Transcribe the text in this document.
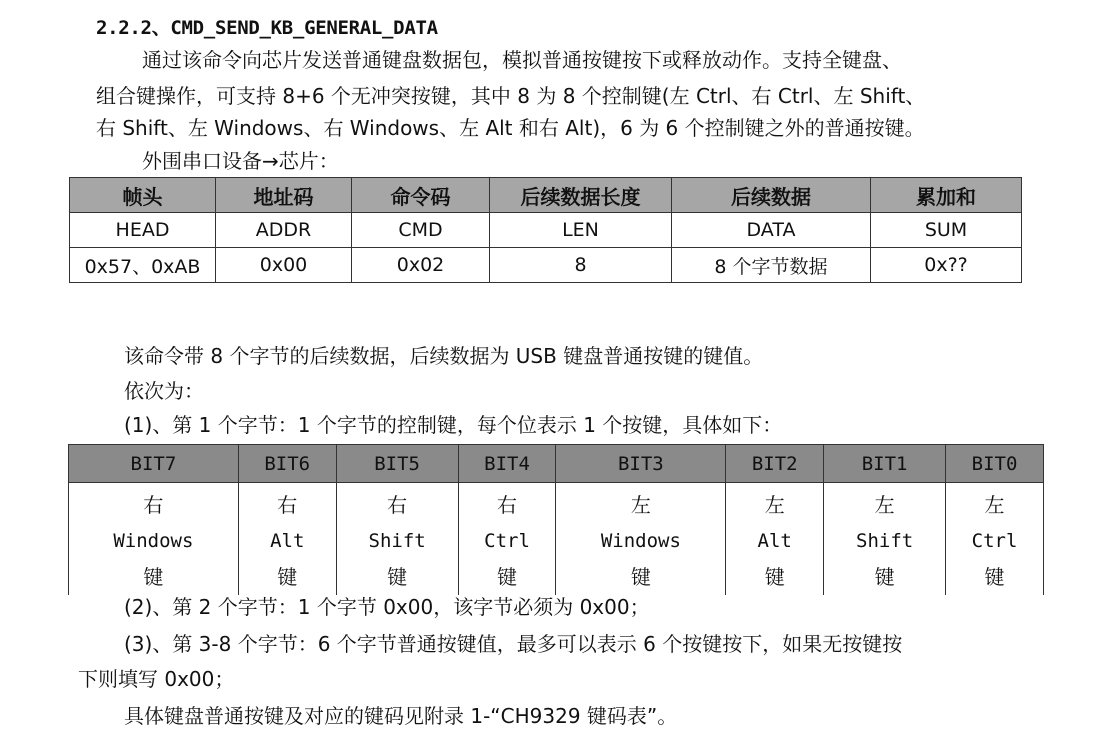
2.2.2、CMD_SEND_KB_GENERAL_DATA
通过该命令向芯片发送普通键盘数据包，模拟普通按键按下或释放动作。支持全键盘、
组合键操作，可支持 8+6 个无冲突按键，其中 8 为 8 个控制键(左 Ctrl、右 Ctrl、左 Shift、
右 Shift、左 Windows、右 Windows、左 Alt 和右 Alt)，6 为 6 个控制键之外的普通按键。
外围串口设备→芯片：
帧头	地址码	命令码	后续数据长度	后续数据	累加和
HEAD	ADDR	CMD	LEN	DATA	SUM
0x57、0xAB	0x00	0x02	8	8 个字节数据	0x??
该命令带 8 个字节的后续数据，后续数据为 USB 键盘普通按键的键值。
依次为：
(1)、第 1 个字节：1 个字节的控制键，每个位表示 1 个按键，具体如下：
BIT7	BIT6	BIT5	BIT4	BIT3	BIT2	BIT1	BIT0

右
Windows
键	右
Alt
键	右
Shift
键	右
Ctrl
键	左
Windows
键	左
Alt
键	左
Shift
键	左
Ctrl
键
(2)、第 2 个字节：1 个字节 0x00，该字节必须为 0x00；
(3)、第 3-8 个字节：6 个字节普通按键值，最多可以表示 6 个按键按下，如果无按键按
下则填写 0x00；
具体键盘普通按键及对应的键码见附录 1-“CH9329 键码表”。
